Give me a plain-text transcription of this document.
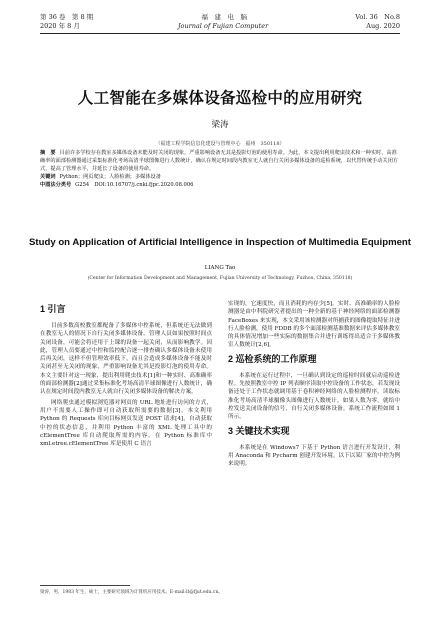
第 36 卷　第 8 期	福　建　电　脑	Vol. 36　No.8
2020 年 8 月	Journal of Fujian Computer	Aug. 2020
人工智能在多媒体设备巡检中的应用研究
梁涛
（福建工程学院信息化建设与管理中心　福州　350118）
摘　要 目前许多学校存在教室多媒体设备未能及时关闭的现象，严重影响设备无其是投影灯泡的使用寿命。为此，本文提出利用爬虫技术和一种实时、高准确率的面部检测器通过采集标准化考场高清半球图像进行人数统计，确认在规定时间段内教室无人就自行关闭多媒体设备的巡检系统，以代替传统手动关闭方式，提高了管理水平，并延长了设备的使用寿命。
关键词 Python；网页爬虫；人脸检测；多媒体设备
中图法分类号 G254　DOI:10.16707/j.cnki.fjpc.2020.08.006
Study on Application of Artificial Intelligence in Inspection of Multimedia Equipment
LIANG Tao
(Center for Information Development and Management, Fujian University of Technology, Fuzhou, China, 350118)
1 引言

目前多数高校教室都配备了多媒体中控系统，但系统还无法做到在教室无人的情况下自行关闭多媒体设备。管理人员如果按照时间点关闭设备，可能会将还用于上课的设备一起关闭，从而影响教学。因此，管理人员要通过中控和监控配合逐一排查确认多媒体设备未使用后再关闭，这样不但管理效率低下，而且会造成多媒体设备不能及时关闭甚至无关闭的现象，严重影响设备尤其是投影灯泡的使用寿命。本文主要针对这一现象，提出利用爬虫技术[1]和一种实时、高准确率的面部检测器[2]通过采集标准化考场高清半球图像进行人数统计，确认在规定时间段内教室无人就自行关闭多媒体设备的解决方案。

网络爬虫通过模拟浏览器对网页的 URL 地址进行访问的方式，用户不需要人工操作即可自动获取所需要的数据[3]。本文利用 Python 的 Requests 库向目标网页发送 POST 请求[4]，自动获取中控的状态信息，并利用 Python 丰富的 XML 处理工具中的 cElementTree 库自动爬取所需的内容。在 Python 标准库中 xml.etree.cElementTree 库是使用 C 语言

实现的，它速度快，而且消耗的内存少[5]。实时、高准确率的人脸检测器是由中科院研究者提出的一种全新的基于神经网络的面部检测器 FaceBoxes 来实现，本文采用该检测器对所捕获的图像提取特征并进行人脸检测，使用 FDDB 的多个面部检测基准数据来评估多媒体教室的具体情况增加一些实际的数据集合并进行训练得出适合于多媒体教室人数统计[2,6]。

2 巡检系统的工作原理

本系统在运行过程中，一旦确认到设定的巡检时间就启动巡检进程。先按照教室中控 IP 列表顺序读取中控设备的工作状态，若发现设备还处于工作状态就调用基于卷积神经网络的人脸检测程序，读取标准化考场高清半球摄像头图像进行人数统计，如果人数为零，就给中控发送关闭设备的信号，自行关闭多媒体设备。系统工作流程如图 1 所示。

3 关键技术实现

本系统是在 Windows7 下基于 Python 语言进行开发设计，利用 Anaconda 和 Pycharm 创建开发环境。以下以某厂家的中控为例来说明。

梁涛，男，1983 年生，硕士，主要研究领域为计算机应用技术。E-mail:lt@fjut.edu.cn。
